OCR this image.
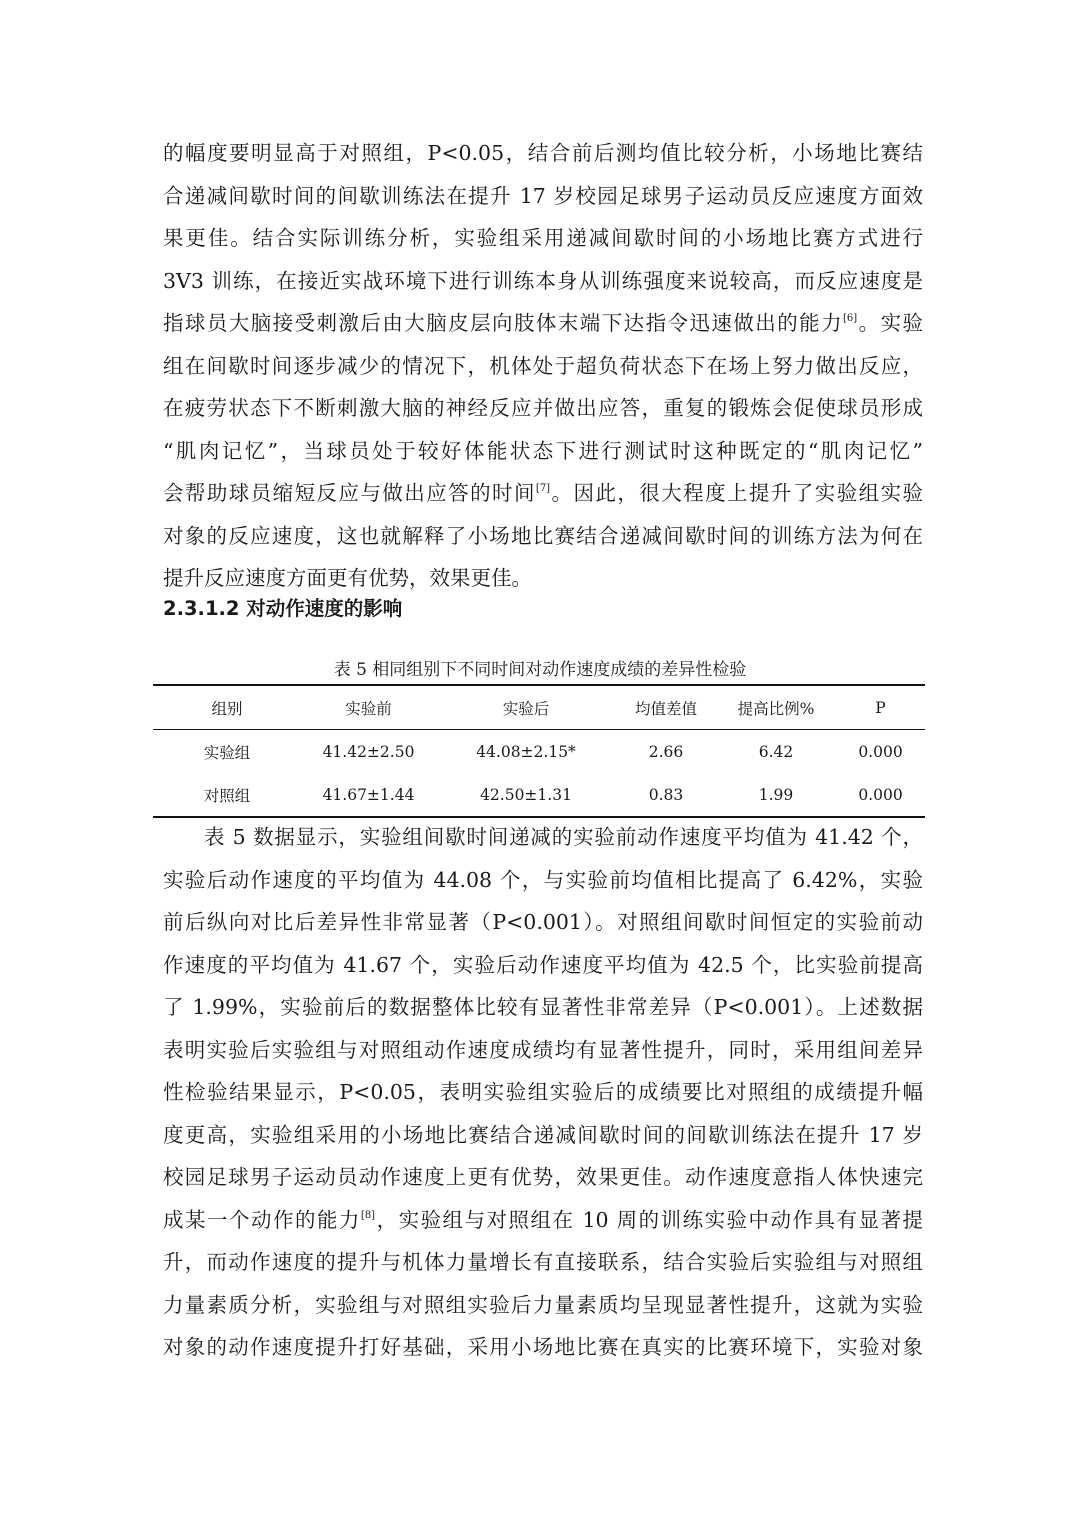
的幅度要明显高于对照组，P<0.05，结合前后测均值比较分析，小场地比赛结
合递减间歇时间的间歇训练法在提升 17 岁校园足球男子运动员反应速度方面效
果更佳。结合实际训练分析，实验组采用递减间歇时间的小场地比赛方式进行
3V3 训练，在接近实战环境下进行训练本身从训练强度来说较高，而反应速度是
指球员大脑接受刺激后由大脑皮层向肢体末端下达指令迅速做出的能力[6]。实验
组在间歇时间逐步减少的情况下，机体处于超负荷状态下在场上努力做出反应，
在疲劳状态下不断刺激大脑的神经反应并做出应答，重复的锻炼会促使球员形成
“肌肉记忆”，当球员处于较好体能状态下进行测试时这种既定的“肌肉记忆”
会帮助球员缩短反应与做出应答的时间[7]。因此，很大程度上提升了实验组实验
对象的反应速度，这也就解释了小场地比赛结合递减间歇时间的训练方法为何在
提升反应速度方面更有优势，效果更佳。
2.3.1.2 对动作速度的影响
表 5 相同组别下不同时间对动作速度成绩的差异性检验
组别	实验前	实验后	均值差值	提高比例%	P
实验组	41.42±2.50	44.08±2.15*	2.66	6.42	0.000
对照组	41.67±1.44	42.50±1.31	0.83	1.99	0.000
表 5 数据显示，实验组间歇时间递减的实验前动作速度平均值为 41.42 个，
实验后动作速度的平均值为 44.08 个，与实验前均值相比提高了 6.42%，实验
前后纵向对比后差异性非常显著（P<0.001）。对照组间歇时间恒定的实验前动
作速度的平均值为 41.67 个，实验后动作速度平均值为 42.5 个，比实验前提高
了 1.99%，实验前后的数据整体比较有显著性非常差异（P<0.001）。上述数据
表明实验后实验组与对照组动作速度成绩均有显著性提升，同时，采用组间差异
性检验结果显示，P<0.05，表明实验组实验后的成绩要比对照组的成绩提升幅
度更高，实验组采用的小场地比赛结合递减间歇时间的间歇训练法在提升 17 岁
校园足球男子运动员动作速度上更有优势，效果更佳。动作速度意指人体快速完
成某一个动作的能力[8]，实验组与对照组在 10 周的训练实验中动作具有显著提
升，而动作速度的提升与机体力量增长有直接联系，结合实验后实验组与对照组
力量素质分析，实验组与对照组实验后力量素质均呈现显著性提升，这就为实验
对象的动作速度提升打好基础，采用小场地比赛在真实的比赛环境下，实验对象
